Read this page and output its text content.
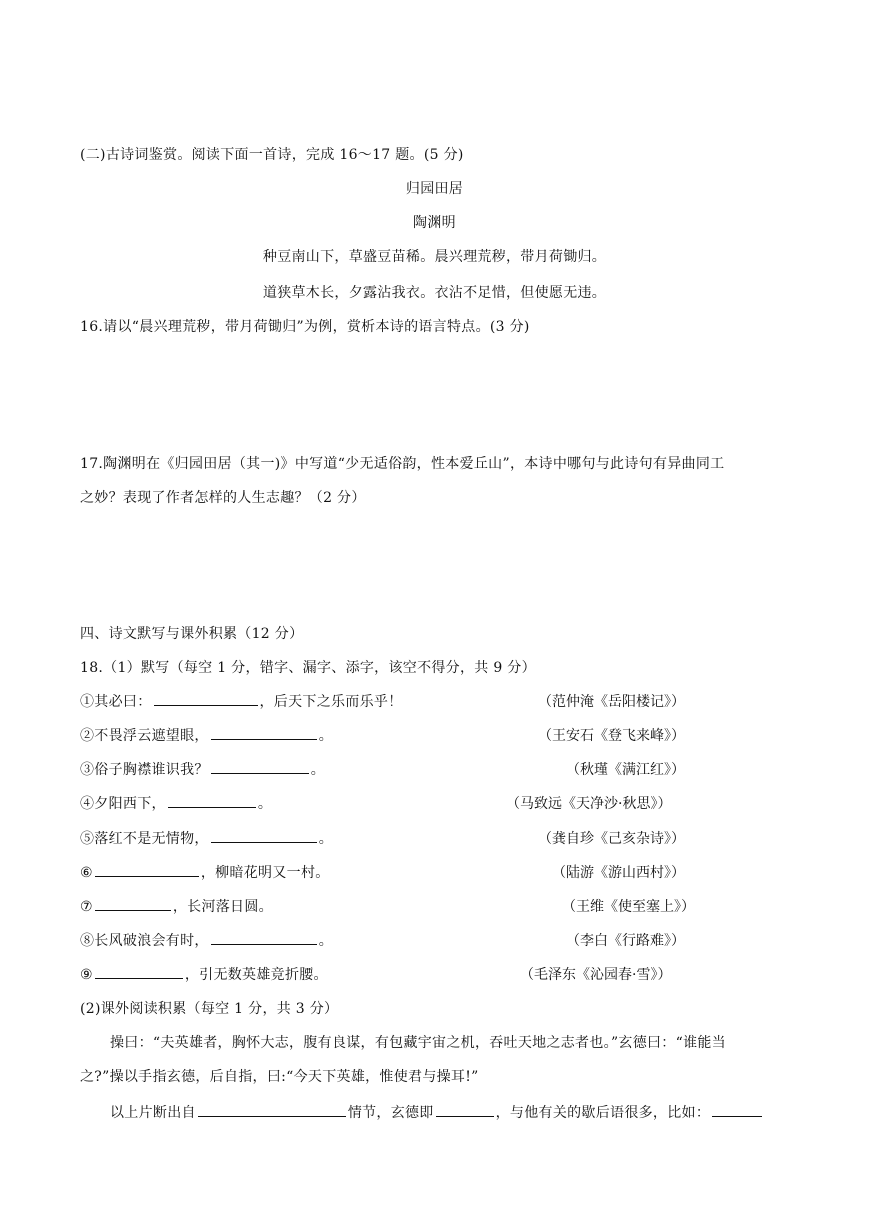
(二)古诗词鉴赏。阅读下面一首诗，完成 16～17 题。(5 分)
归园田居
陶渊明
种豆南山下，草盛豆苗稀。晨兴理荒秽，带月荷锄归。
道狭草木长，夕露沾我衣。衣沾不足惜，但使愿无违。
16.请以“晨兴理荒秽，带月荷锄归”为例，赏析本诗的语言特点。(3 分)
17.陶渊明在《归园田居（其一)》中写道“少无适俗韵，性本爱丘山”，本诗中哪句与此诗句有异曲同工
之妙？表现了作者怎样的人生志趣？（2 分）
四、诗文默写与课外积累（12 分）
18.（1）默写（每空 1 分，错字、漏字、添字，该空不得分，共 9 分）
①其必曰：	，后天下之乐而乐乎！	（范仲淹《岳阳楼记》）
②不畏浮云遮望眼，	。	（王安石《登飞来峰》）
③俗子胸襟谁识我？	。	（秋瑾《满江红》）
④夕阳西下，	。	（马致远《天净沙·秋思》）
⑤落红不是无情物，	。	（龚自珍《己亥杂诗》）
⑥	，柳暗花明又一村。	（陆游《游山西村》）
⑦	，长河落日圆。	（王维《使至塞上》）
⑧长风破浪会有时，	。	（李白《行路难》）
⑨	，引无数英雄竞折腰。	（毛泽东《沁园春·雪》）
(2)课外阅读积累（每空 1 分，共 3 分）
操曰：“夫英雄者，胸怀大志，腹有良谋，有包藏宇宙之机，吞吐天地之志者也。”玄德曰：“谁能当
之?”操以手指玄德，后自指，曰:“今天下英雄，惟使君与操耳!”
以上片断出自	情节，玄德即	，与他有关的歇后语很多，比如：
